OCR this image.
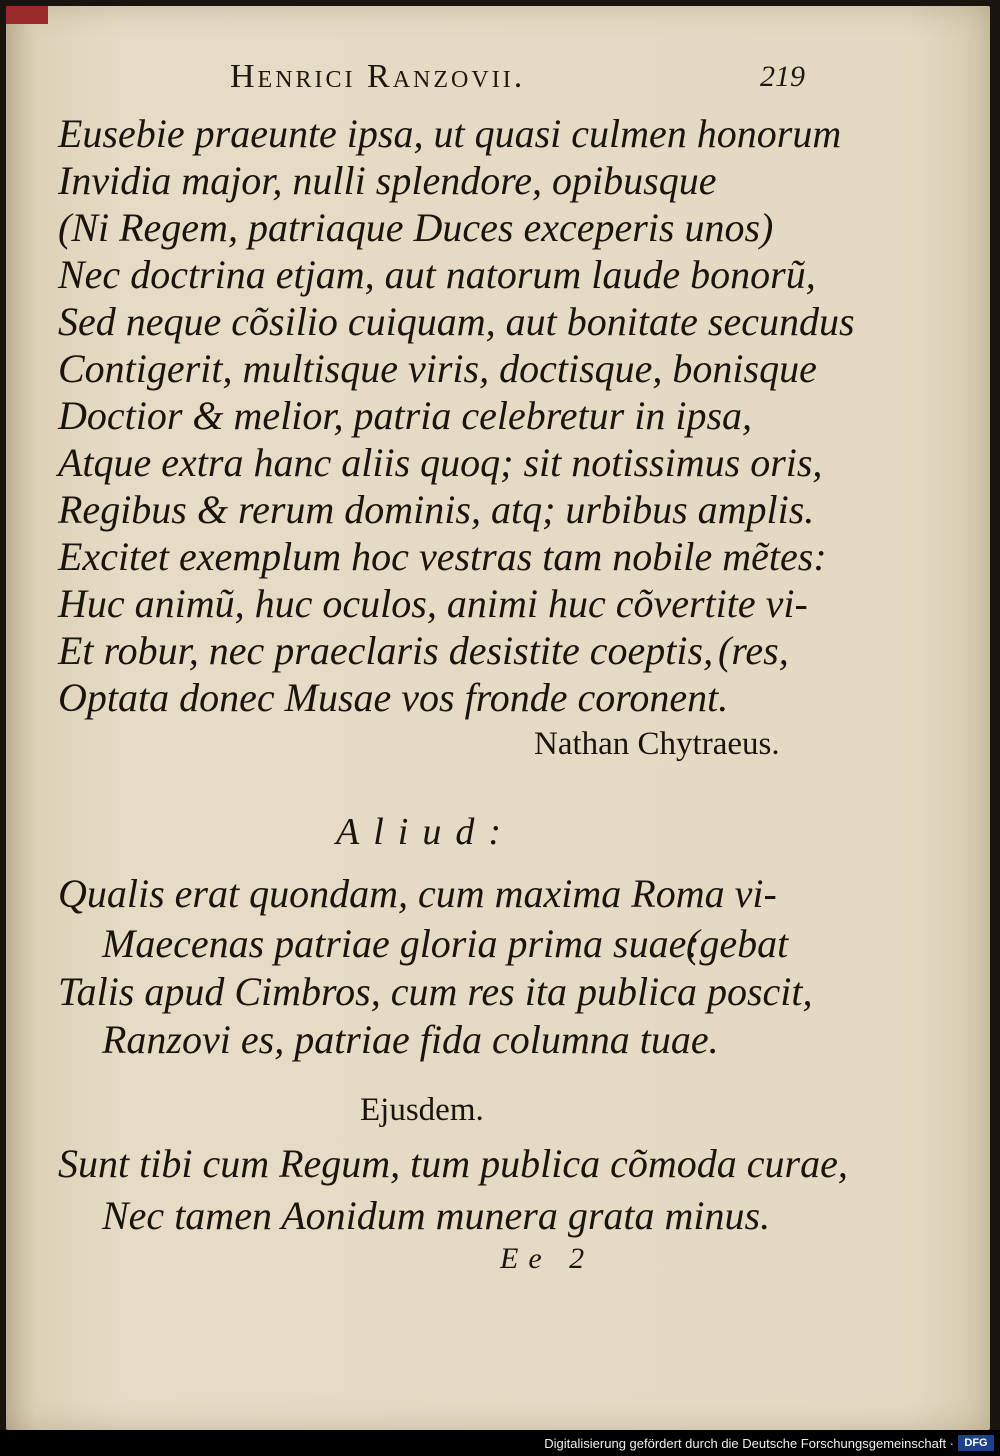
Henrici Ranzovii.	219

Eusebie praeunte ipsa, ut quasi culmen honorum

Invidia major, nulli splendore, opibusque

(Ni Regem, patriaque Duces exceperis unos)

Nec doctrina etjam, aut natorum laude bonorũ,

Sed neque cõsilio cuiquam, aut bonitate secundus

Contigerit, multisque viris, doctisque, bonisque

Doctior & melior, patria celebretur in ipsa,

Atque extra hanc aliis quoq; sit notissimus oris,

Regibus & rerum dominis, atq; urbibus amplis.

Excitet exemplum hoc vestras tam nobile mẽtes:

Huc animũ, huc oculos, animi huc cõvertite vi-

Et robur, nec praeclaris desistite coeptis, (res,

Optata donec Musae vos fronde coronent.

Nathan Chytraeus.
Aliud:

Qualis erat quondam, cum maxima Roma vi-

Maecenas patriae gloria prima suae:

(gebat

Talis apud Cimbros, cum res ita publica poscit,

Ranzovi es, patriae fida columna tuae.

Ejusdem.

Sunt tibi cum Regum, tum publica cõmoda curae,

Nec tamen Aonidum munera grata minus.

Ee 2
Digitalisierung gefördert durch die Deutsche Forschungsgemeinschaft · DFG
